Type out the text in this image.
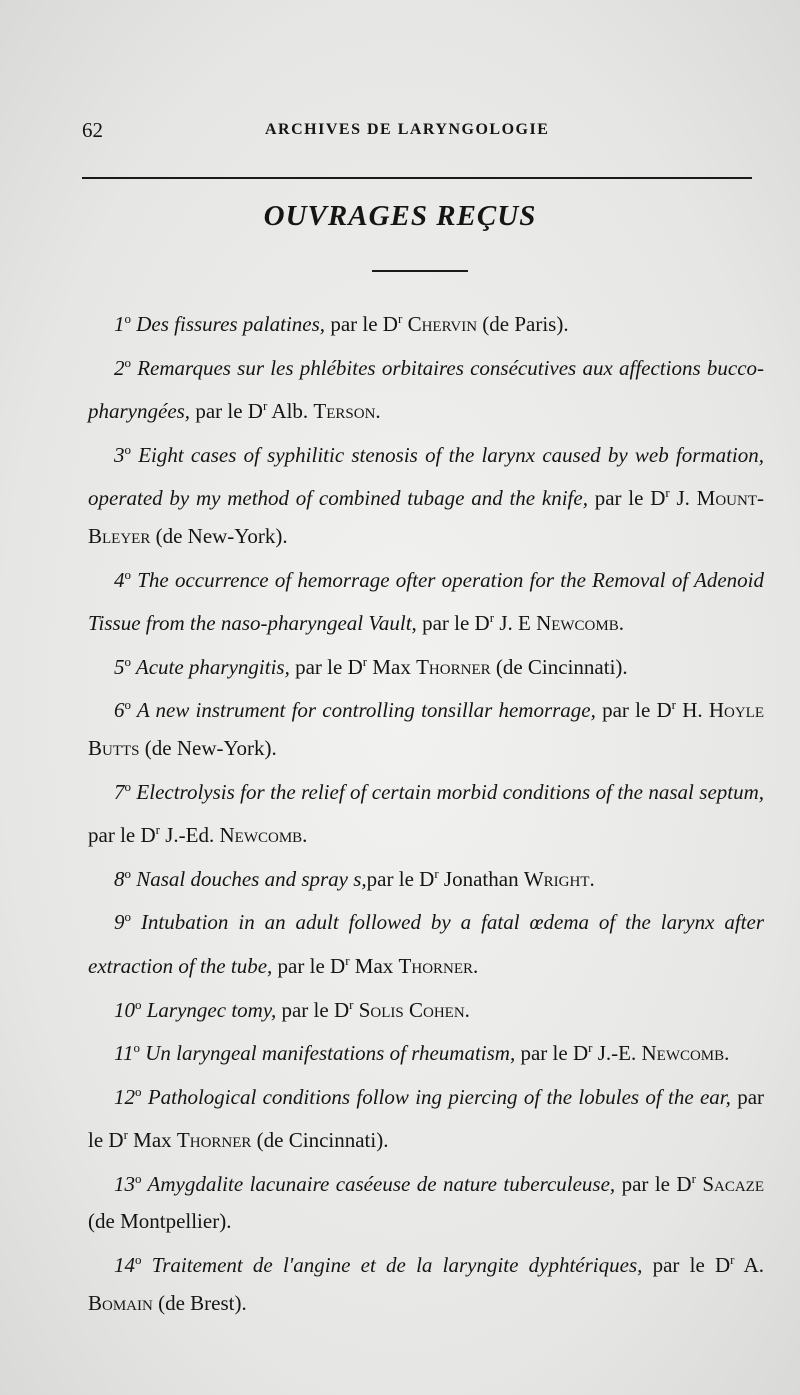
62	ARCHIVES DE LARYNGOLOGIE
OUVRAGES REÇUS

1$^o$ Des fissures palatines, par le $D^r$ Chervin (de Paris).

2$^o$ Remarques sur les phlébites orbitaires consécutives aux affections bucco-pharyngées, par le $D^r$ Alb. Terson.

3$^o$ Eight cases of syphilitic stenosis of the larynx caused by web formation, operated by my method of combined tubage and the knife, par le $D^r$ J. Mount-Bleyer (de New-York).

4$^o$ The occurrence of hemorrage ofter operation for the Removal of Adenoid Tissue from the naso-pharyngeal Vault, par le $D^r$ J. E Newcomb.

5$^o$ Acute pharyngitis, par le $D^r$ Max Thorner (de Cincinnati).

6$^o$ A new instrument for controlling tonsillar hemorrage, par le $D^r$ H. Hoyle Butts (de New-York).

7$^o$ Electrolysis for the relief of certain morbid conditions of the nasal septum, par le $D^r$ J.-Ed. Newcomb.

8$^o$ Nasal douches and spray s,par le $D^r$ Jonathan Wright.

9$^o$ Intubation in an adult followed by a fatal œdema of the larynx after extraction of the tube, par le $D^r$ Max Thorner.

10$^o$ Laryngec tomy, par le $D^r$ Solis Cohen.

11$^o$ Un laryngeal manifestations of rheumatism, par le $D^r$ J.-E. Newcomb.

12$^o$ Pathological conditions follow ing piercing of the lobules of the ear, par le $D^r$ Max Thorner (de Cincinnati).

13$^o$ Amygdalite lacunaire caséeuse de nature tuberculeuse, par le $D^r$ Sacaze (de Montpellier).

14$^o$ Traitement de l'angine et de la laryngite dyphtériques, par le $D^r$ A. Bomain (de Brest).
